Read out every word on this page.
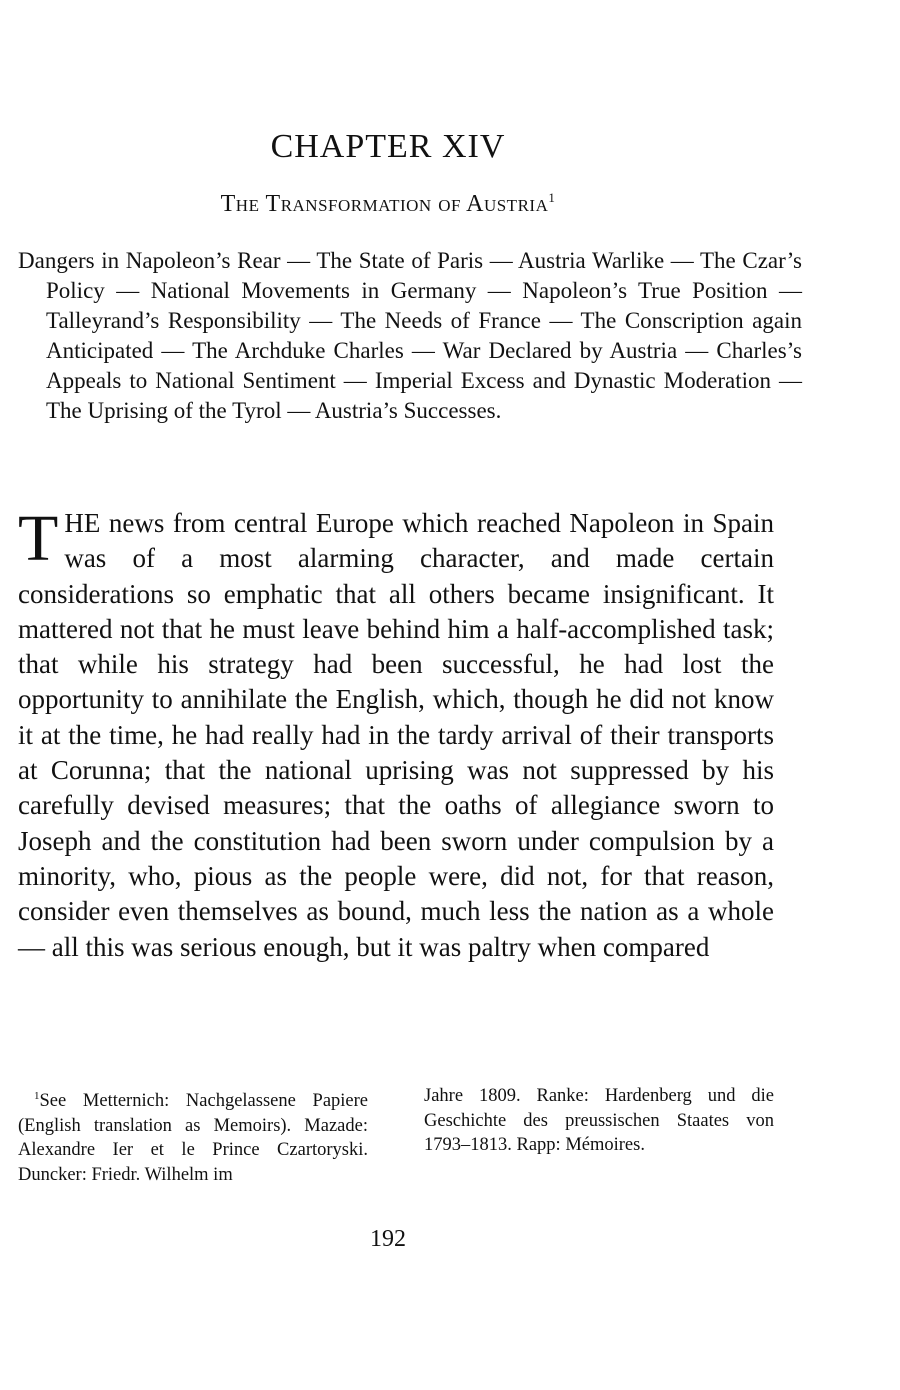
CHAPTER XIV
The Transformation of Austria$^1$

Dangers in Napoleon’s Rear — The State of Paris — Austria Warlike — The Czar’s Policy — National Movements in Germany — Napoleon’s True Position — Talleyrand’s Responsibility — The Needs of France — The Conscription again Anticipated — The Archduke Charles — War Declared by Austria — Charles’s Appeals to National Sentiment — Imperial Excess and Dynastic Moderation — The Uprising of the Tyrol — Austria’s Successes.

THE news from central Europe which reached Napoleon in Spain was of a most alarming character, and made certain considerations so emphatic that all others became insignificant. It mattered not that he must leave behind him a half-accomplished task; that while his strategy had been successful, he had lost the opportunity to annihilate the English, which, though he did not know it at the time, he had really had in the tardy arrival of their transports at Corunna; that the national uprising was not suppressed by his carefully devised measures; that the oaths of allegiance sworn to Joseph and the constitution had been sworn under compulsion by a minority, who, pious as the people were, did not, for that reason, consider even themselves as bound, much less the nation as a whole — all this was serious enough, but it was paltry when compared

$^1$See Metternich: Nachgelassene Papiere (English translation as Memoirs). Mazade: Alexandre Ier et le Prince Czartoryski. Duncker: Friedr. Wilhelm im

Jahre 1809. Ranke: Hardenberg und die Geschichte des preussischen Staates von 1793–1813. Rapp: Mémoires.

192
